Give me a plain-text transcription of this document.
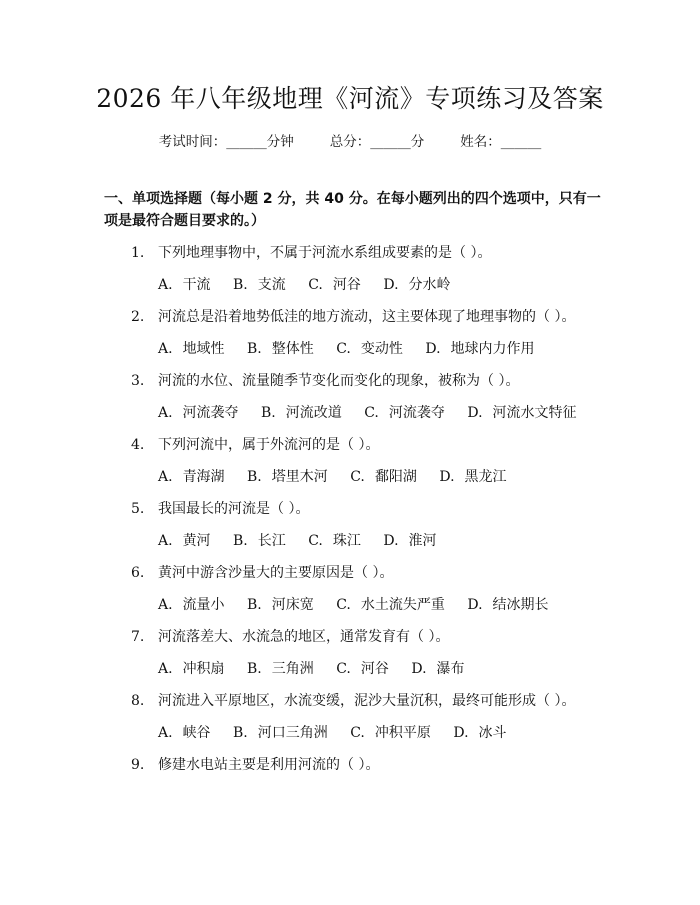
2026 年八年级地理《河流》专项练习及答案
考试时间：______分钟	总分：______分	姓名：______
一、单项选择题（每小题 2 分，共 40 分。在每小题列出的四个选项中，只有一项是最符合题目要求的。）
1. 下列地理事物中，不属于河流水系组成要素的是（ ）。
A. 干流 B. 支流 C. 河谷 D. 分水岭
2. 河流总是沿着地势低洼的地方流动，这主要体现了地理事物的（ ）。
A. 地域性 B. 整体性 C. 变动性 D. 地球内力作用
3. 河流的水位、流量随季节变化而变化的现象，被称为（ ）。
A. 河流袭夺 B. 河流改道 C. 河流袭夺 D. 河流水文特征
4. 下列河流中，属于外流河的是（ ）。
A. 青海湖 B. 塔里木河 C. 鄱阳湖 D. 黑龙江
5. 我国最长的河流是（ ）。
A. 黄河 B. 长江 C. 珠江 D. 淮河
6. 黄河中游含沙量大的主要原因是（ ）。
A. 流量小 B. 河床宽 C. 水土流失严重 D. 结冰期长
7. 河流落差大、水流急的地区，通常发育有（ ）。
A. 冲积扇 B. 三角洲 C. 河谷 D. 瀑布
8. 河流进入平原地区，水流变缓，泥沙大量沉积，最终可能形成（ ）。
A. 峡谷 B. 河口三角洲 C. 冲积平原 D. 冰斗
9. 修建水电站主要是利用河流的（ ）。
